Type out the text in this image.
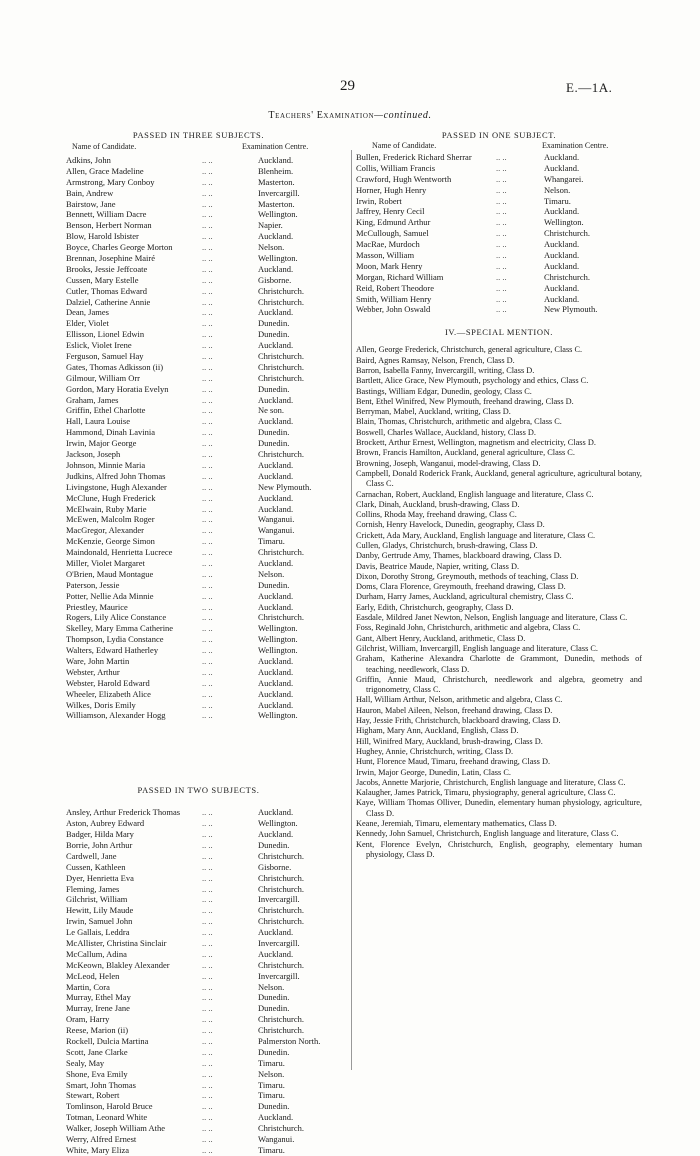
29	E.—1A.
Teachers' Examination—continued.
PASSED IN THREE SUBJECTS.
Name of Candidate.	Examination Centre.
Adkins, John	.. ..	Auckland.
Allen, Grace Madeline	.. ..	Blenheim.
Armstrong, Mary Conboy	.. ..	Masterton.
Bain, Andrew	.. ..	Invercargill.
Bairstow, Jane	.. ..	Masterton.
Bennett, William Dacre	.. ..	Wellington.
Benson, Herbert Norman	.. ..	Napier.
Blow, Harold Isbister	.. ..	Auckland.
Boyce, Charles George Morton	.. ..	Nelson.
Brennan, Josephine Mairé	.. ..	Wellington.
Brooks, Jessie Jeffcoate	.. ..	Auckland.
Cussen, Mary Estelle	.. ..	Gisborne.
Cutler, Thomas Edward	.. ..	Christchurch.
Dalziel, Catherine Annie	.. ..	Christchurch.
Dean, James	.. ..	Auckland.
Elder, Violet	.. ..	Dunedin.
Ellisson, Lionel Edwin	.. ..	Dunedin.
Eslick, Violet Irene	.. ..	Auckland.
Ferguson, Samuel Hay	.. ..	Christchurch.
Gates, Thomas Adkisson (ii)	.. ..	Christchurch.
Gilmour, William Orr	.. ..	Christchurch.
Gordon, Mary Horatia Evelyn	.. ..	Dunedin.
Graham, James	.. ..	Auckland.
Griffin, Ethel Charlotte	.. ..	Ne son.
Hall, Laura Louise	.. ..	Auckland.
Hammond, Dinah Lavinia	.. ..	Dunedin.
Irwin, Major George	.. ..	Dunedin.
Jackson, Joseph	.. ..	Christchurch.
Johnson, Minnie Maria	.. ..	Auckland.
Judkins, Alfred John Thomas	.. ..	Auckland.
Livingstone, Hugh Alexander	.. ..	New Plymouth.
McClune, Hugh Frederick	.. ..	Auckland.
McElwain, Ruby Marie	.. ..	Auckland.
McEwen, Malcolm Roger	.. ..	Wanganui.
MacGregor, Alexander	.. ..	Wanganui.
McKenzie, George Simon	.. ..	Timaru.
Maindonald, Henrietta Lucrece	.. ..	Christchurch.
Miller, Violet Margaret	.. ..	Auckland.
O'Brien, Maud Montague	.. ..	Nelson.
Paterson, Jessie	.. ..	Dunedin.
Potter, Nellie Ada Minnie	.. ..	Auckland.
Priestley, Maurice	.. ..	Auckland.
Rogers, Lily Alice Constance	.. ..	Christchurch.
Skelley, Mary Emma Catherine	.. ..	Wellington.
Thompson, Lydia Constance	.. ..	Wellington.
Walters, Edward Hatherley	.. ..	Wellington.
Ware, John Martin	.. ..	Auckland.
Webster, Arthur	.. ..	Auckland.
Webster, Harold Edward	.. ..	Auckland.
Wheeler, Elizabeth Alice	.. ..	Auckland.
Wilkes, Doris Emily	.. ..	Auckland.
Williamson, Alexander Hogg	.. ..	Wellington.
PASSED IN TWO SUBJECTS.
Ansley, Arthur Frederick Thomas	.. ..	Auckland.
Aston, Aubrey Edward	.. ..	Wellington.
Badger, Hilda Mary	.. ..	Auckland.
Borrie, John Arthur	.. ..	Dunedin.
Cardwell, Jane	.. ..	Christchurch.
Cussen, Kathleen	.. ..	Gisborne.
Dyer, Henrietta Eva	.. ..	Christchurch.
Fleming, James	.. ..	Christchurch.
Gilchrist, William	.. ..	Invercargill.
Hewitt, Lily Maude	.. ..	Christchurch.
Irwin, Samuel John	.. ..	Christchurch.
Le Gallais, Leddra	.. ..	Auckland.
McAllister, Christina Sinclair	.. ..	Invercargill.
McCallum, Adina	.. ..	Auckland.
McKeown, Blakley Alexander	.. ..	Christchurch.
McLeod, Helen	.. ..	Invercargill.
Martin, Cora	.. ..	Nelson.
Murray, Ethel May	.. ..	Dunedin.
Murray, Irene Jane	.. ..	Dunedin.
Oram, Harry	.. ..	Christchurch.
Reese, Marion (ii)	.. ..	Christchurch.
Rockell, Dulcia Martina	.. ..	Palmerston North.
Scott, Jane Clarke	.. ..	Dunedin.
Sealy, May	.. ..	Timaru.
Shone, Eva Emily	.. ..	Nelson.
Smart, John Thomas	.. ..	Timaru.
Stewart, Robert	.. ..	Timaru.
Tomlinson, Harold Bruce	.. ..	Dunedin.
Totman, Leonard White	.. ..	Auckland.
Walker, Joseph William Athe	.. ..	Christchurch.
Werry, Alfred Ernest	.. ..	Wanganui.
White, Mary Eliza	.. ..	Timaru.
PASSED IN ONE SUBJECT.
Name of Candidate.	Examination Centre.
Bullen, Frederick Richard Sherrar	.. ..	Auckland.
Collis, William Francis	.. ..	Auckland.
Crawford, Hugh Wentworth	.. ..	Whangarei.
Horner, Hugh Henry	.. ..	Nelson.
Irwin, Robert	.. ..	Timaru.
Jaffrey, Henry Cecil	.. ..	Auckland.
King, Edmund Arthur	.. ..	Wellington.
McCullough, Samuel	.. ..	Christchurch.
MacRae, Murdoch	.. ..	Auckland.
Masson, William	.. ..	Auckland.
Moon, Mark Henry	.. ..	Auckland.
Morgan, Richard William	.. ..	Christchurch.
Reid, Robert Theodore	.. ..	Auckland.
Smith, William Henry	.. ..	Auckland.
Webber, John Oswald	.. ..	New Plymouth.
IV.—SPECIAL MENTION.
Allen, George Frederick, Christchurch, general agriculture, Class C.
Baird, Agnes Ramsay, Nelson, French, Class D.
Barron, Isabella Fanny, Invercargill, writing, Class D.
Bartlett, Alice Grace, New Plymouth, psychology and ethics, Class C.
Bastings, William Edgar, Dunedin, geology, Class C.
Bent, Ethel Winifred, New Plymouth, freehand drawing, Class D.
Berryman, Mabel, Auckland, writing, Class D.
Blain, Thomas, Christchurch, arithmetic and algebra, Class C.
Boswell, Charles Wallace, Auckland, history, Class D.
Brockett, Arthur Ernest, Wellington, magnetism and electricity, Class D.
Brown, Francis Hamilton, Auckland, general agriculture, Class C.
Browning, Joseph, Wanganui, model-drawing, Class D.
Campbell, Donald Roderick Frank, Auckland, general agriculture, agricultural botany, Class C.
Carnachan, Robert, Auckland, English language and literature, Class C.
Clark, Dinah, Auckland, brush-drawing, Class D.
Collins, Rhoda May, freehand drawing, Class C.
Cornish, Henry Havelock, Dunedin, geography, Class D.
Crickett, Ada Mary, Auckland, English language and literature, Class C.
Cullen, Gladys, Christchurch, brush-drawing, Class D.
Danby, Gertrude Amy, Thames, blackboard drawing, Class D.
Davis, Beatrice Maude, Napier, writing, Class D.
Dixon, Dorothy Strong, Greymouth, methods of teaching, Class D.
Doms, Clara Florence, Greymouth, freehand drawing, Class D.
Durham, Harry James, Auckland, agricultural chemistry, Class C.
Early, Edith, Christchurch, geography, Class D.
Easdale, Mildred Janet Newton, Nelson, English language and literature, Class C.
Foss, Reginald John, Christchurch, arithmetic and algebra, Class C.
Gant, Albert Henry, Auckland, arithmetic, Class D.
Gilchrist, William, Invercargill, English language and literature, Class C.
Graham, Katherine Alexandra Charlotte de Grammont, Dunedin, methods of teaching, needlework, Class D.
Griffin, Annie Maud, Christchurch, needlework and algebra, geometry and trigonometry, Class C.
Hall, William Arthur, Nelson, arithmetic and algebra, Class C.
Hauron, Mabel Aileen, Nelson, freehand drawing, Class D.
Hay, Jessie Frith, Christchurch, blackboard drawing, Class D.
Higham, Mary Ann, Auckland, English, Class D.
Hill, Winifred Mary, Auckland, brush-drawing, Class D.
Hughey, Annie, Christchurch, writing, Class D.
Hunt, Florence Maud, Timaru, freehand drawing, Class D.
Irwin, Major George, Dunedin, Latin, Class C.
Jacobs, Annette Marjorie, Christchurch, English language and literature, Class C.
Kalaugher, James Patrick, Timaru, physiography, general agriculture, Class C.
Kaye, William Thomas Olliver, Dunedin, elementary human physiology, agriculture, Class D.
Keane, Jeremiah, Timaru, elementary mathematics, Class D.
Kennedy, John Samuel, Christchurch, English language and literature, Class C.
Kent, Florence Evelyn, Christchurch, English, geography, elementary human physiology, Class D.
